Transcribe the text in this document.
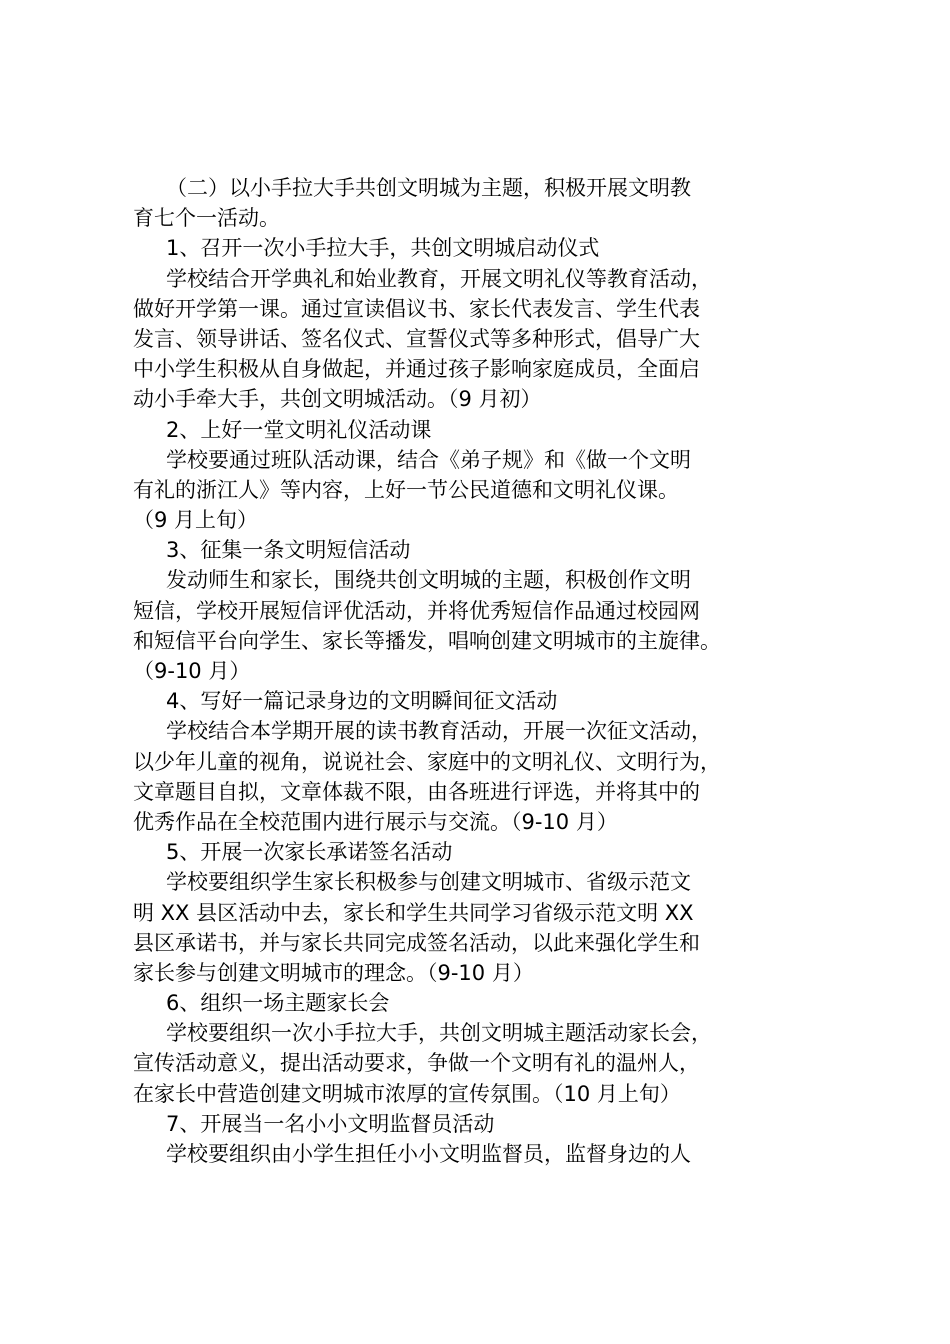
（二）以小手拉大手共创文明城为主题，积极开展文明教
育七个一活动。
1、召开一次小手拉大手，共创文明城启动仪式
学校结合开学典礼和始业教育，开展文明礼仪等教育活动，
做好开学第一课。通过宣读倡议书、家长代表发言、学生代表
发言、领导讲话、签名仪式、宣誓仪式等多种形式，倡导广大
中小学生积极从自身做起，并通过孩子影响家庭成员，全面启
动小手牵大手，共创文明城活动。（9 月初）
2、上好一堂文明礼仪活动课
学校要通过班队活动课，结合《弟子规》和《做一个文明
有礼的浙江人》等内容，上好一节公民道德和文明礼仪课。
（9 月上旬）
3、征集一条文明短信活动
发动师生和家长，围绕共创文明城的主题，积极创作文明
短信，学校开展短信评优活动，并将优秀短信作品通过校园网
和短信平台向学生、家长等播发，唱响创建文明城市的主旋律。
（9-10 月）
4、写好一篇记录身边的文明瞬间征文活动
学校结合本学期开展的读书教育活动，开展一次征文活动，
以少年儿童的视角，说说社会、家庭中的文明礼仪、文明行为，
文章题目自拟，文章体裁不限，由各班进行评选，并将其中的
优秀作品在全校范围内进行展示与交流。（9-10 月）
5、开展一次家长承诺签名活动
学校要组织学生家长积极参与创建文明城市、省级示范文
明 XX 县区活动中去，家长和学生共同学习省级示范文明 XX
县区承诺书，并与家长共同完成签名活动，以此来强化学生和
家长参与创建文明城市的理念。（9-10 月）
6、组织一场主题家长会
学校要组织一次小手拉大手，共创文明城主题活动家长会，
宣传活动意义，提出活动要求，争做一个文明有礼的温州人，
在家长中营造创建文明城市浓厚的宣传氛围。（10 月上旬）
7、开展当一名小小文明监督员活动
学校要组织由小学生担任小小文明监督员，监督身边的人
